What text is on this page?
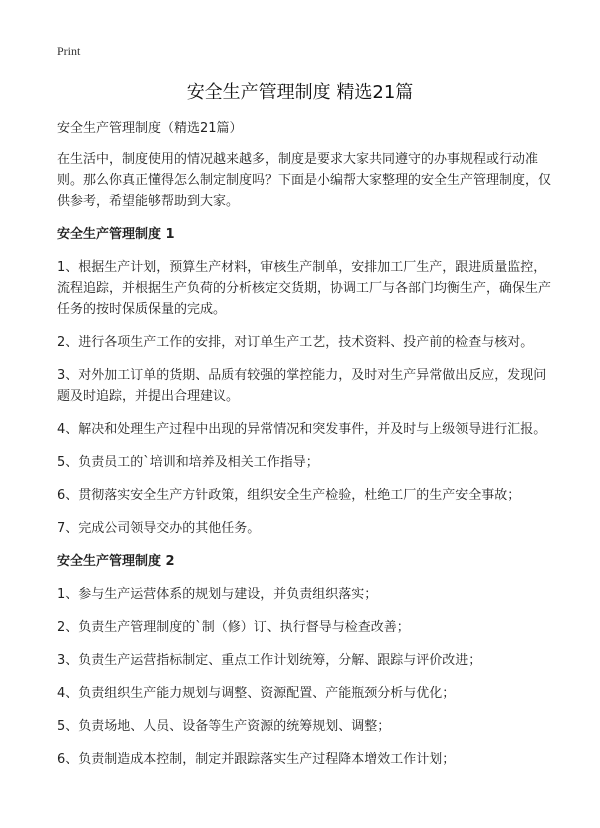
Print
安全生产管理制度 精选21篇

安全生产管理制度（精选21篇）

在生活中，制度使用的情况越来越多，制度是要求大家共同遵守的办事规程或行动准则。那么你真正懂得怎么制定制度吗？下面是小编帮大家整理的安全生产管理制度，仅供参考，希望能够帮助到大家。

安全生产管理制度 1

1、根据生产计划，预算生产材料，审核生产制单，安排加工厂生产，跟进质量监控，流程追踪，并根据生产负荷的分析核定交货期，协调工厂与各部门均衡生产，确保生产任务的按时保质保量的完成。

2、进行各项生产工作的安排，对订单生产工艺，技术资料、投产前的检查与核对。

3、对外加工订单的货期、品质有较强的掌控能力，及时对生产异常做出反应，发现问题及时追踪，并提出合理建议。

4、解决和处理生产过程中出现的异常情况和突发事件，并及时与上级领导进行汇报。

5、负责员工的`培训和培养及相关工作指导；

6、贯彻落实安全生产方针政策，组织安全生产检验，杜绝工厂的生产安全事故；

7、完成公司领导交办的其他任务。

安全生产管理制度 2

1、参与生产运营体系的规划与建设，并负责组织落实；

2、负责生产管理制度的`制（修）订、执行督导与检查改善；

3、负责生产运营指标制定、重点工作计划统筹，分解、跟踪与评价改进；

4、负责组织生产能力规划与调整、资源配置、产能瓶颈分析与优化；

5、负责场地、人员、设备等生产资源的统筹规划、调整；

6、负责制造成本控制，制定并跟踪落实生产过程降本增效工作计划；
